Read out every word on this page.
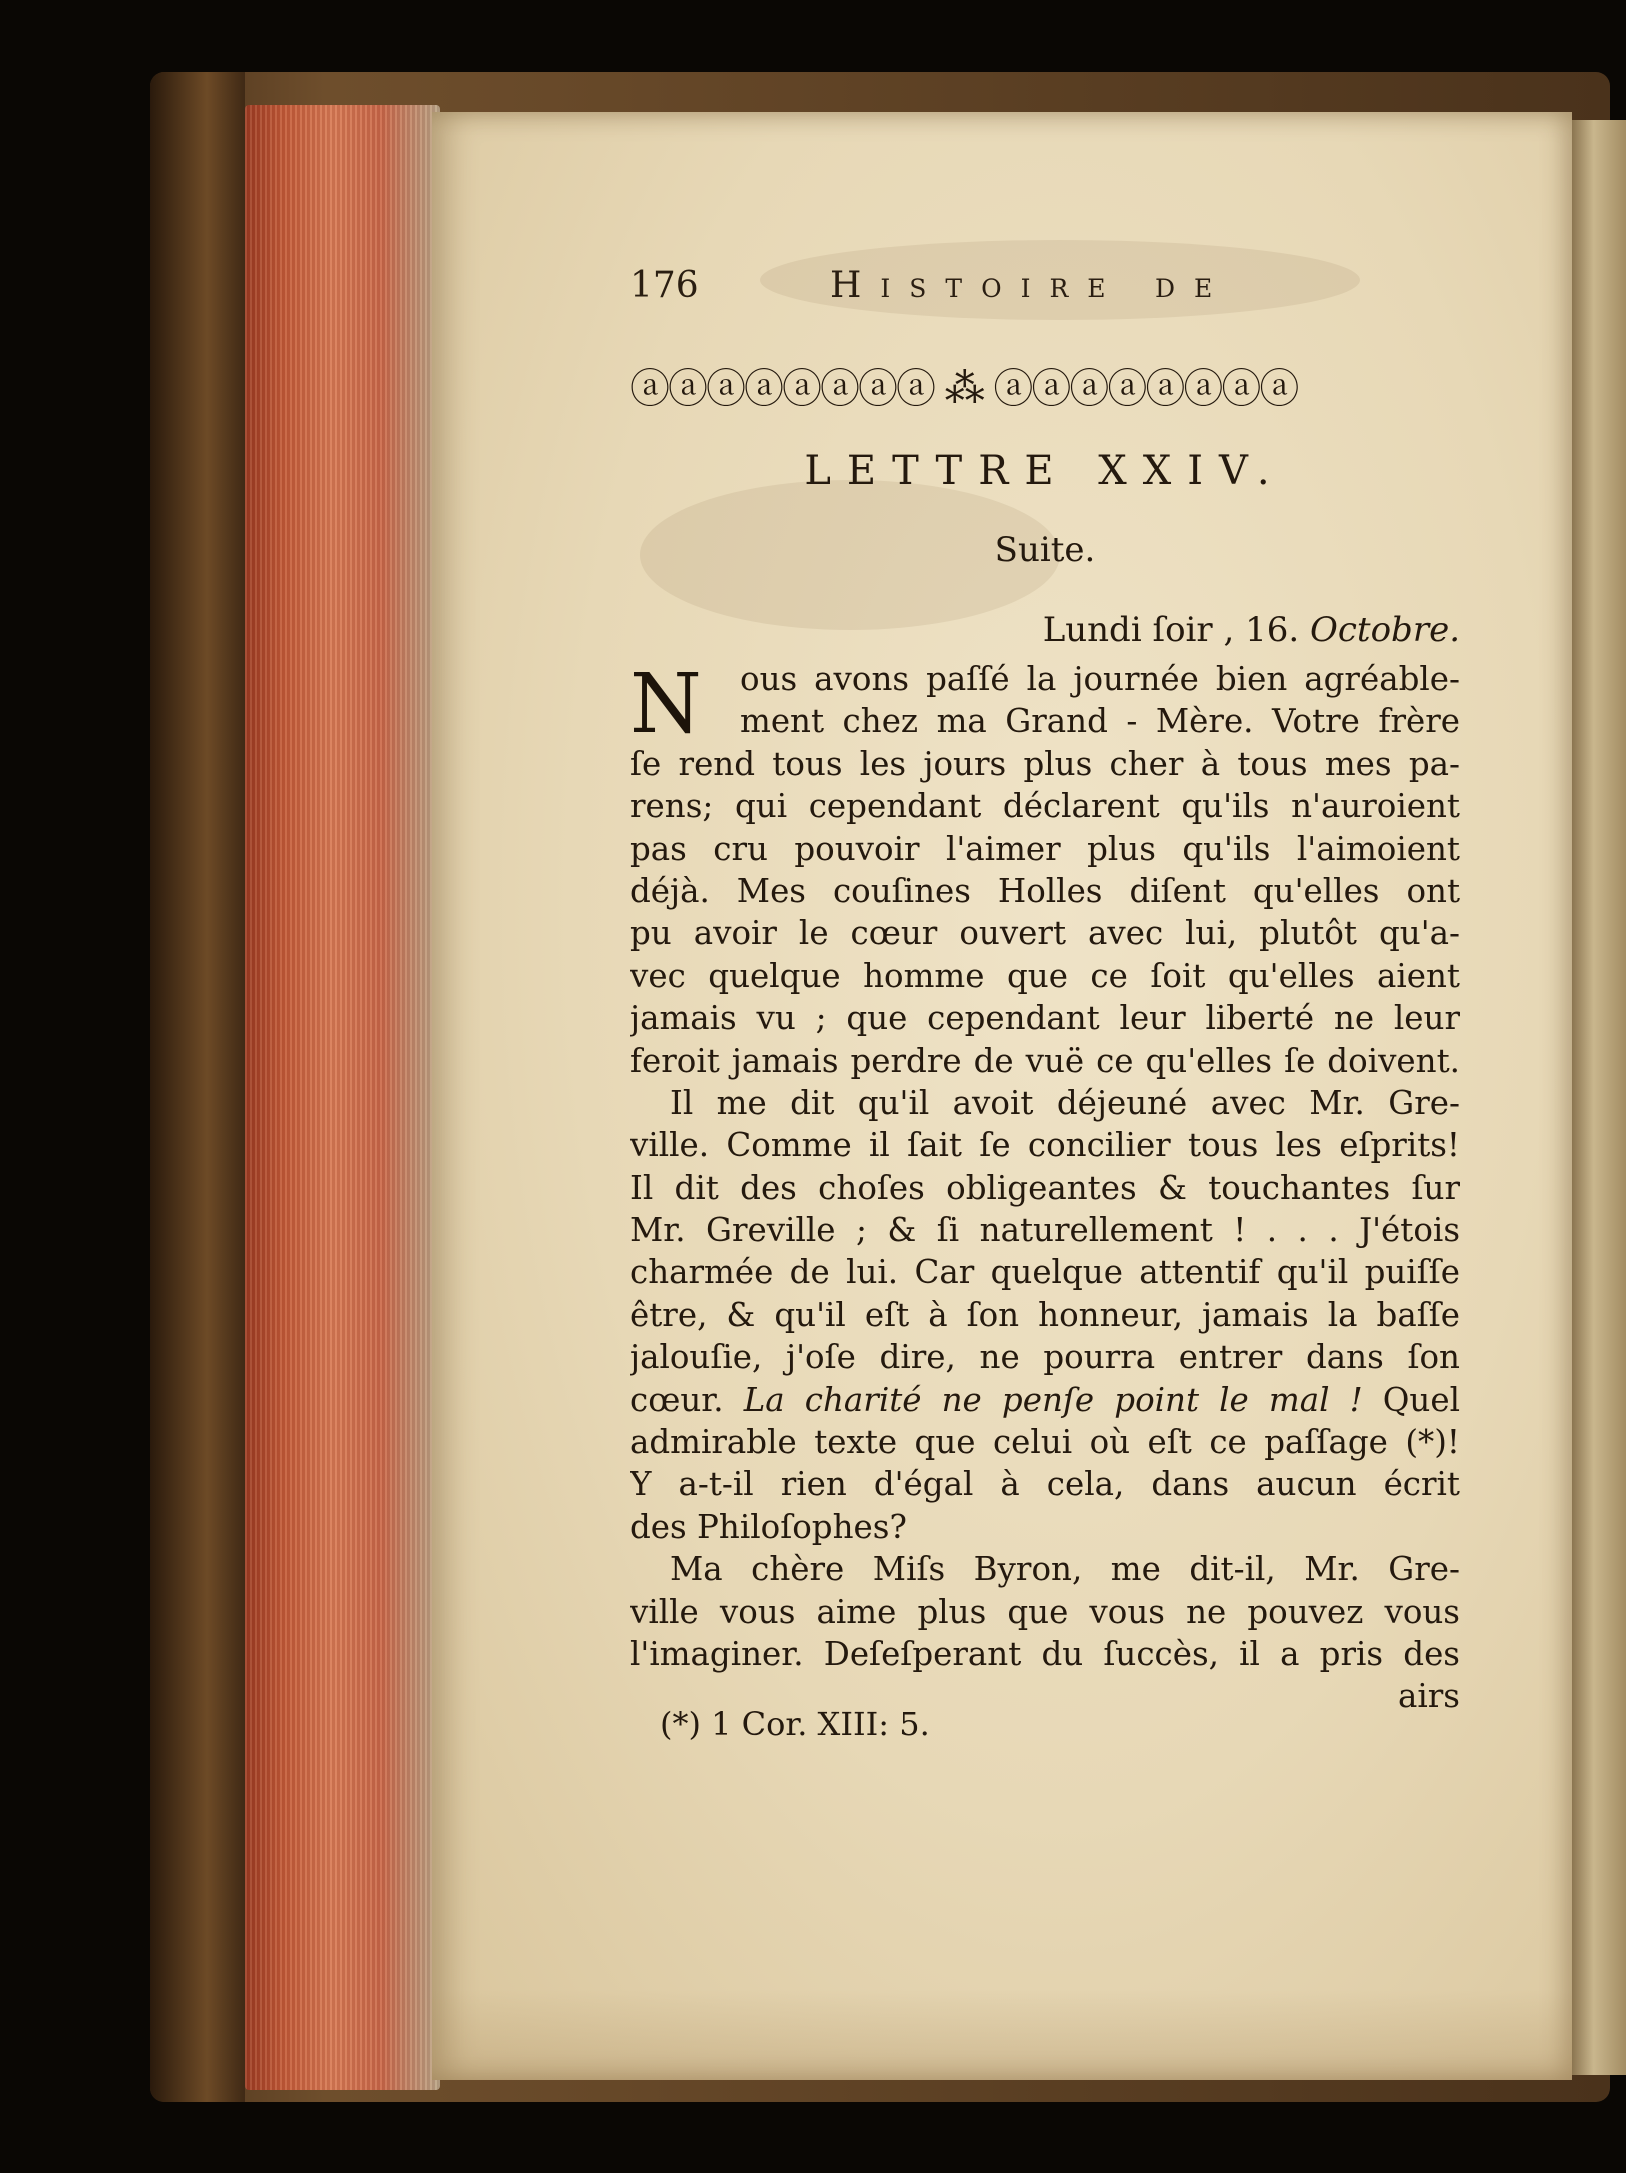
176	Histoire de
ⓐⓐⓐⓐⓐⓐⓐⓐ ⁂ ⓐⓐⓐⓐⓐⓐⓐⓐ
LETTRE XXIV.
Suite.
Lundi ſoir , 16. Octobre.
N	ous avons paſſé la journée bien agréable-
ment chez ma Grand - Mère. Votre frère
ſe rend tous les jours plus cher à tous mes pa-
rens; qui cependant déclarent qu'ils n'auroient
pas cru pouvoir l'aimer plus qu'ils l'aimoient
déjà. Mes couſines Holles diſent qu'elles ont
pu avoir le cœur ouvert avec lui, plutôt qu'a-
vec quelque homme que ce ſoit qu'elles aient
jamais vu ; que cependant leur liberté ne leur
feroit jamais perdre de vuë ce qu'elles ſe doivent.
Il me dit qu'il avoit déjeuné avec Mr. Gre-
ville. Comme il ſait ſe concilier tous les eſprits!
Il dit des choſes obligeantes & touchantes ſur
Mr. Greville ; & ſi naturellement ! . . . J'étois
charmée de lui. Car quelque attentif qu'il puiſſe
être, & qu'il eſt à ſon honneur, jamais la baſſe
jalouſie, j'oſe dire, ne pourra entrer dans ſon
cœur. La charité ne penſe point le mal ! Quel
admirable texte que celui où eſt ce paſſage (*)!
Y a-t-il rien d'égal à cela, dans aucun écrit
des Philoſophes?
Ma chère Miſs Byron, me dit-il, Mr. Gre-
ville vous aime plus que vous ne pouvez vous
l'imaginer. Deſeſperant du ſuccès, il a pris des
airs
(*) 1 Cor. XIII: 5.
